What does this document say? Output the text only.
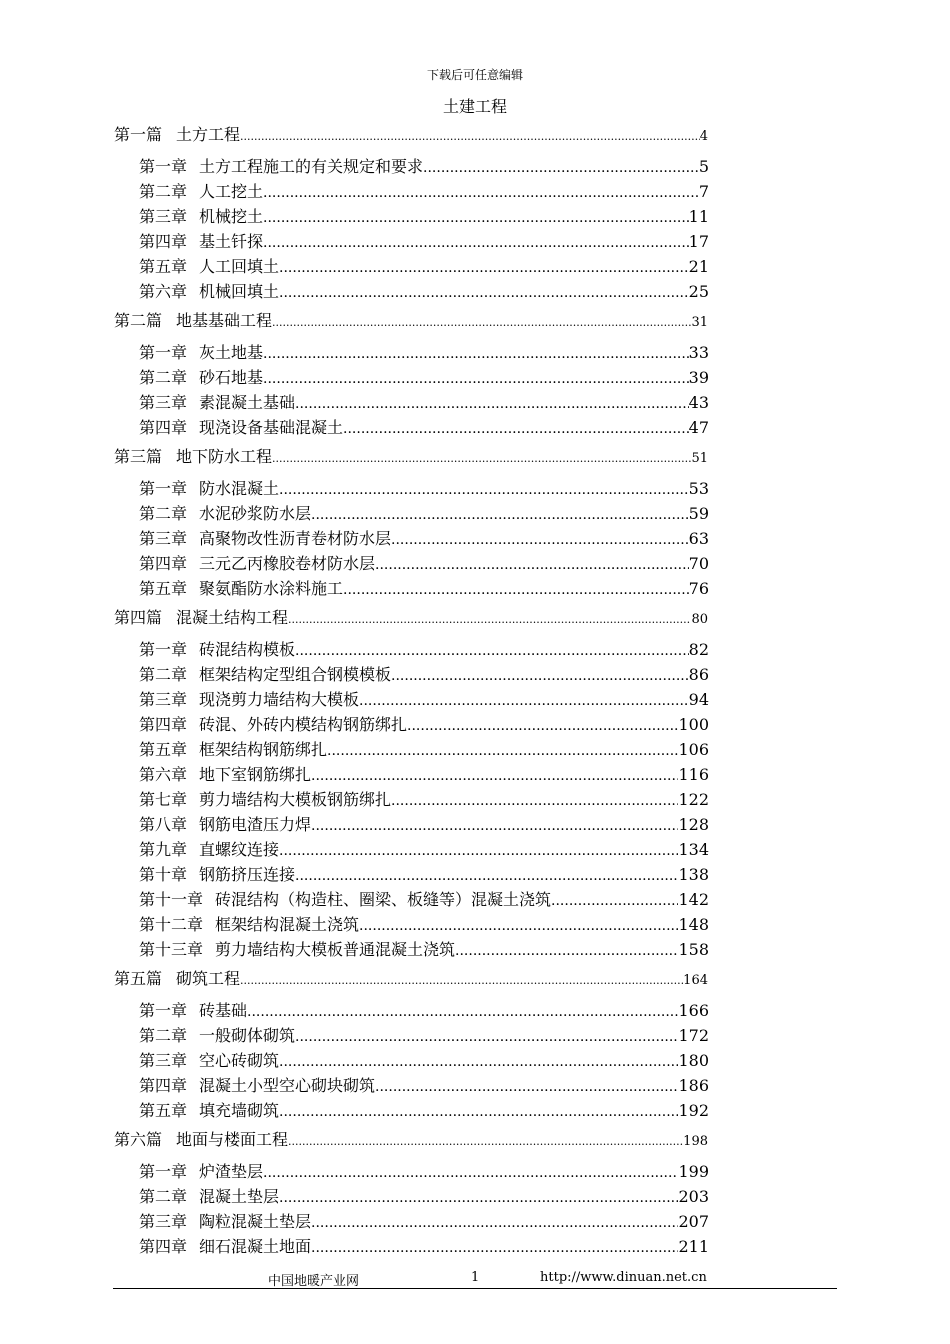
下载后可任意编辑
土建工程
第一篇 土方工程 .....	4
第一章 土方工程施工的有关规定和要求 .....	5
第二章 人工挖土 .....	7
第三章 机械挖土 .....	11
第四章 基土钎探 .....	17
第五章 人工回填土 .....	21
第六章 机械回填土 .....	25
第二篇 地基基础工程 .....	31
第一章 灰土地基 .....	33
第二章 砂石地基 .....	39
第三章 素混凝土基础 .....	43
第四章 现浇设备基础混凝土 .....	47
第三篇 地下防水工程 .....	51
第一章 防水混凝土 .....	53
第二章 水泥砂浆防水层 .....	59
第三章 高聚物改性沥青卷材防水层 .....	63
第四章 三元乙丙橡胶卷材防水层 .....	70
第五章 聚氨酯防水涂料施工 .....	76
第四篇 混凝土结构工程 .....	80
第一章 砖混结构模板 .....	82
第二章 框架结构定型组合钢模模板 .....	86
第三章 现浇剪力墙结构大模板 .....	94
第四章 砖混、外砖内模结构钢筋绑扎 .....	100
第五章 框架结构钢筋绑扎 .....	106
第六章 地下室钢筋绑扎 .....	116
第七章 剪力墙结构大模板钢筋绑扎 .....	122
第八章 钢筋电渣压力焊 .....	128
第九章 直螺纹连接 .....	134
第十章 钢筋挤压连接 .....	138
第十一章 砖混结构（构造柱、圈梁、板缝等）混凝土浇筑 .....	142
第十二章 框架结构混凝土浇筑 .....	148
第十三章 剪力墙结构大模板普通混凝土浇筑 .....	158
第五篇 砌筑工程 .....	164
第一章 砖基础 .....	166
第二章 一般砌体砌筑 .....	172
第三章 空心砖砌筑 .....	180
第四章 混凝土小型空心砌块砌筑 .....	186
第五章 填充墙砌筑 .....	192
第六篇 地面与楼面工程 .....	198
第一章 炉渣垫层 .....	199
第二章 混凝土垫层 .....	203
第三章 陶粒混凝土垫层 .....	207
第四章 细石混凝土地面 .....	211
中国地暖产业网	1	http://www.dinuan.net.cn
